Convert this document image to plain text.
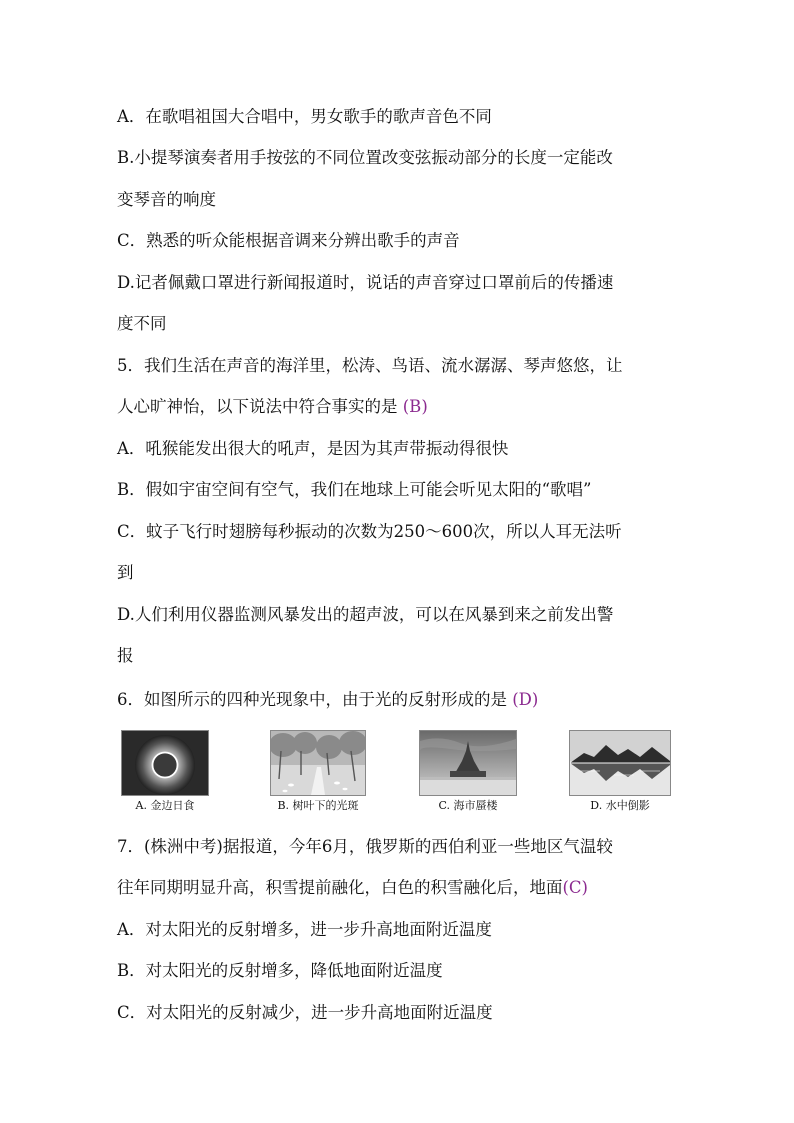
A．在歌唱祖国大合唱中，男女歌手的歌声音色不同
B.小提琴演奏者用手按弦的不同位置改变弦振动部分的长度一定能改
变琴音的响度
C．熟悉的听众能根据音调来分辨出歌手的声音
D.记者佩戴口罩进行新闻报道时，说话的声音穿过口罩前后的传播速
度不同
5．我们生活在声音的海洋里，松涛、鸟语、流水潺潺、琴声悠悠，让
人心旷神怡，以下说法中符合事实的是 (B)
A．吼猴能发出很大的吼声，是因为其声带振动得很快
B．假如宇宙空间有空气，我们在地球上可能会听见太阳的“歌唱”
C．蚊子飞行时翅膀每秒振动的次数为250～600次，所以人耳无法听
到
D.人们利用仪器监测风暴发出的超声波，可以在风暴到来之前发出警
报
6．如图所示的四种光现象中，由于光的反射形成的是 (D)
A. 金边日食	B. 树叶下的光斑	C. 海市蜃楼	D. 水中倒影
7．(株洲中考)据报道，今年6月，俄罗斯的西伯利亚一些地区气温较
往年同期明显升高，积雪提前融化，白色的积雪融化后，地面(C)
A．对太阳光的反射增多，进一步升高地面附近温度
B．对太阳光的反射增多，降低地面附近温度
C．对太阳光的反射减少，进一步升高地面附近温度
